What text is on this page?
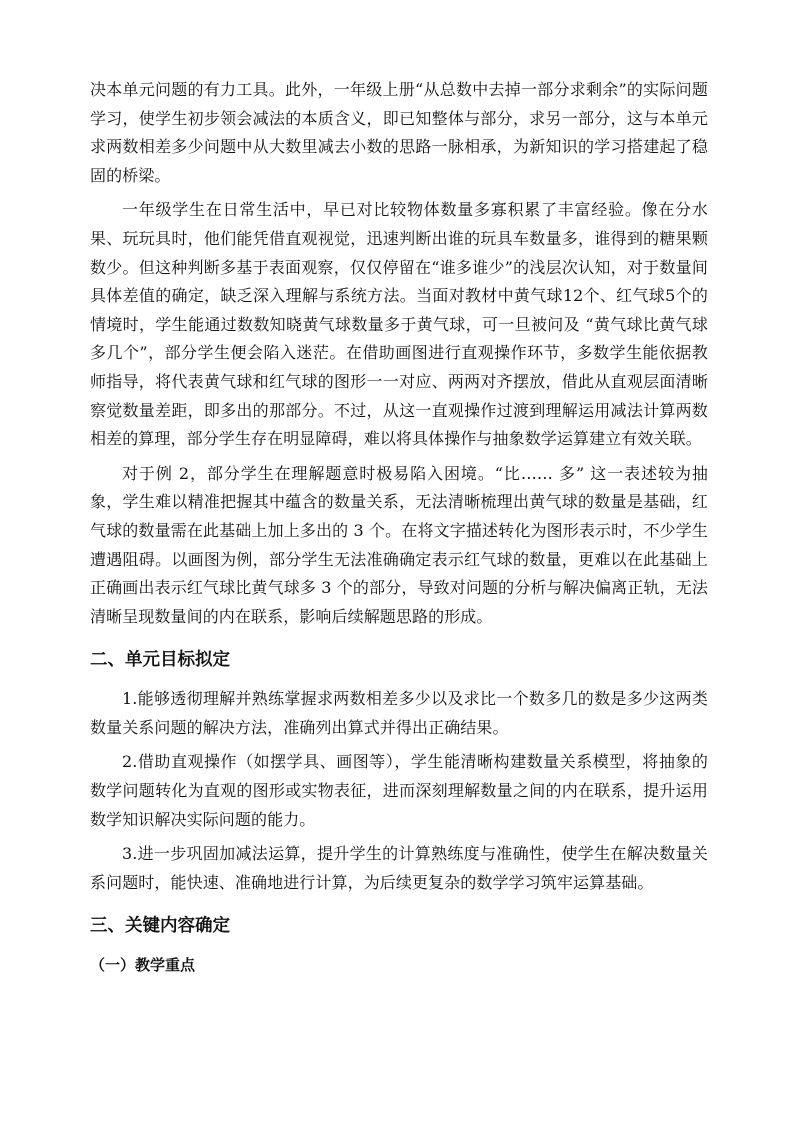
决本单元问题的有力工具。此外，一年级上册“从总数中去掉一部分求剩余”的实际问题学习，使学生初步领会减法的本质含义，即已知整体与部分，求另一部分，这与本单元求两数相差多少问题中从大数里减去小数的思路一脉相承，为新知识的学习搭建起了稳固的桥梁。

一年级学生在日常生活中，早已对比较物体数量多寡积累了丰富经验。像在分水果、玩玩具时，他们能凭借直观视觉，迅速判断出谁的玩具车数量多，谁得到的糖果颗数少。但这种判断多基于表面观察，仅仅停留在“谁多谁少”的浅层次认知，对于数量间具体差值的确定，缺乏深入理解与系统方法。当面对教材中黄气球12个、红气球5个的情境时，学生能通过数数知晓黄气球数量多于黄气球，可一旦被问及 “黄气球比黄气球多几个”，部分学生便会陷入迷茫。在借助画图进行直观操作环节，多数学生能依据教师指导，将代表黄气球和红气球的图形一一对应、两两对齐摆放，借此从直观层面清晰察觉数量差距，即多出的那部分。不过，从这一直观操作过渡到理解运用减法计算两数相差的算理，部分学生存在明显障碍，难以将具体操作与抽象数学运算建立有效关联。

对于例 2，部分学生在理解题意时极易陷入困境。“比…… 多” 这一表述较为抽象，学生难以精准把握其中蕴含的数量关系，无法清晰梳理出黄气球的数量是基础，红气球的数量需在此基础上加上多出的 3 个。在将文字描述转化为图形表示时，不少学生遭遇阻碍。以画图为例，部分学生无法准确确定表示红气球的数量，更难以在此基础上正确画出表示红气球比黄气球多 3 个的部分，导致对问题的分析与解决偏离正轨，无法清晰呈现数量间的内在联系，影响后续解题思路的形成。

二、单元目标拟定

1.能够透彻理解并熟练掌握求两数相差多少以及求比一个数多几的数是多少这两类数量关系问题的解决方法，准确列出算式并得出正确结果。

2.借助直观操作（如摆学具、画图等），学生能清晰构建数量关系模型，将抽象的数学问题转化为直观的图形或实物表征，进而深刻理解数量之间的内在联系，提升运用数学知识解决实际问题的能力。

3.进一步巩固加减法运算，提升学生的计算熟练度与准确性，使学生在解决数量关系问题时，能快速、准确地进行计算，为后续更复杂的数学学习筑牢运算基础。

三、关键内容确定
（一）教学重点
